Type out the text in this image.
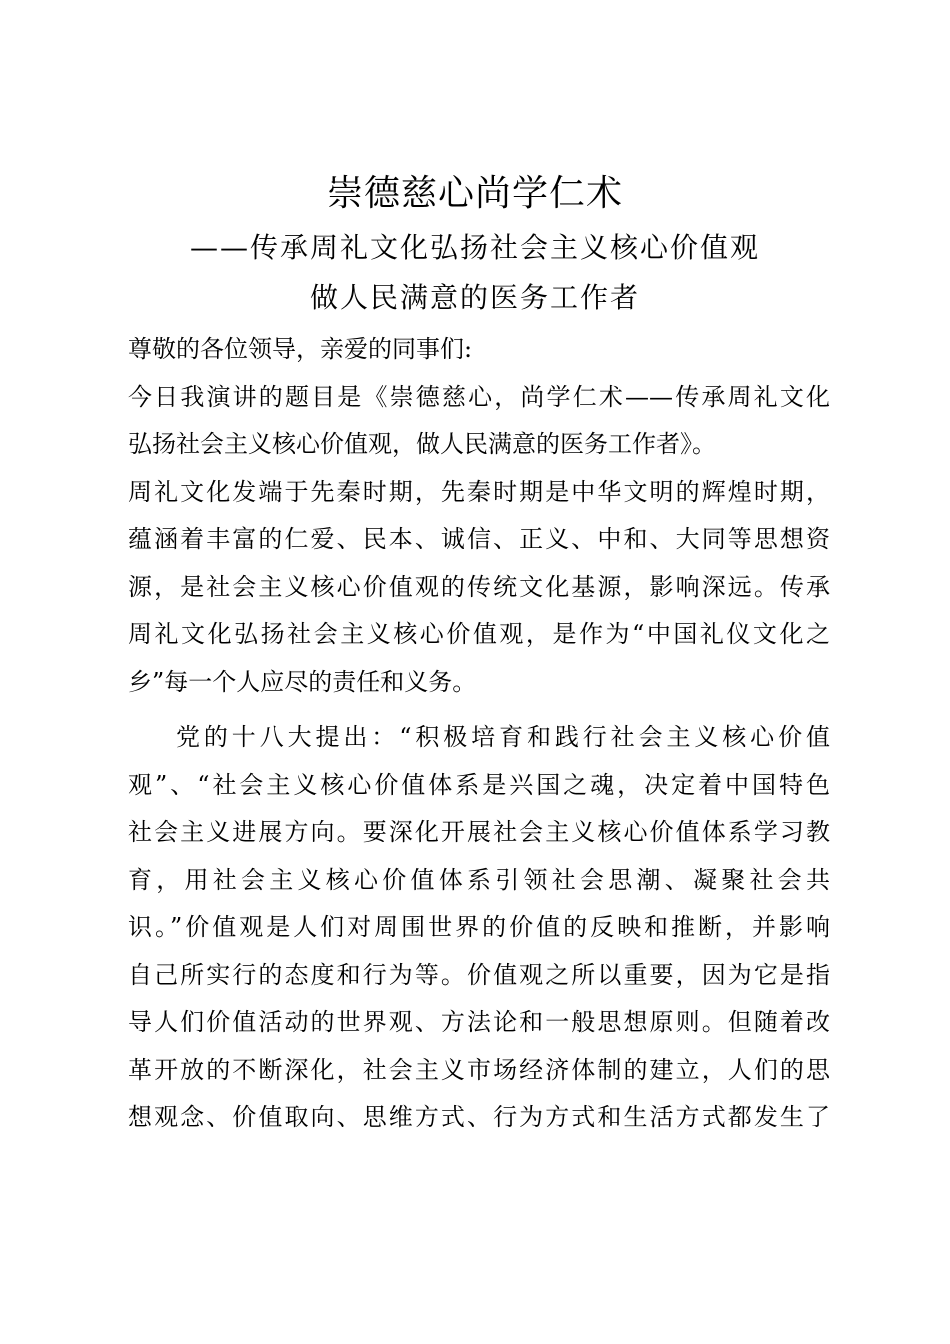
崇德慈心尚学仁术
——传承周礼文化弘扬社会主义核心价值观
做人民满意的医务工作者
尊敬的各位领导，亲爱的同事们:
今日我演讲的题目是《崇德慈心，尚学仁术——传承周礼文化
弘扬社会主义核心价值观，做人民满意的医务工作者》。
周礼文化发端于先秦时期，先秦时期是中华文明的辉煌时期，
蕴涵着丰富的仁爱、民本、诚信、正义、中和、大同等思想资
源，是社会主义核心价值观的传统文化基源，影响深远。传承
周礼文化弘扬社会主义核心价值观，是作为“中国礼仪文化之
乡”每一个人应尽的责任和义务。
党的十八大提出：“积极培育和践行社会主义核心价值
观”、“社会主义核心价值体系是兴国之魂，决定着中国特色
社会主义进展方向。要深化开展社会主义核心价值体系学习教
育，用社会主义核心价值体系引领社会思潮、凝聚社会共
识。”价值观是人们对周围世界的价值的反映和推断，并影响
自己所实行的态度和行为等。价值观之所以重要，因为它是指
导人们价值活动的世界观、方法论和一般思想原则。但随着改
革开放的不断深化，社会主义市场经济体制的建立，人们的思
想观念、价值取向、思维方式、行为方式和生活方式都发生了
